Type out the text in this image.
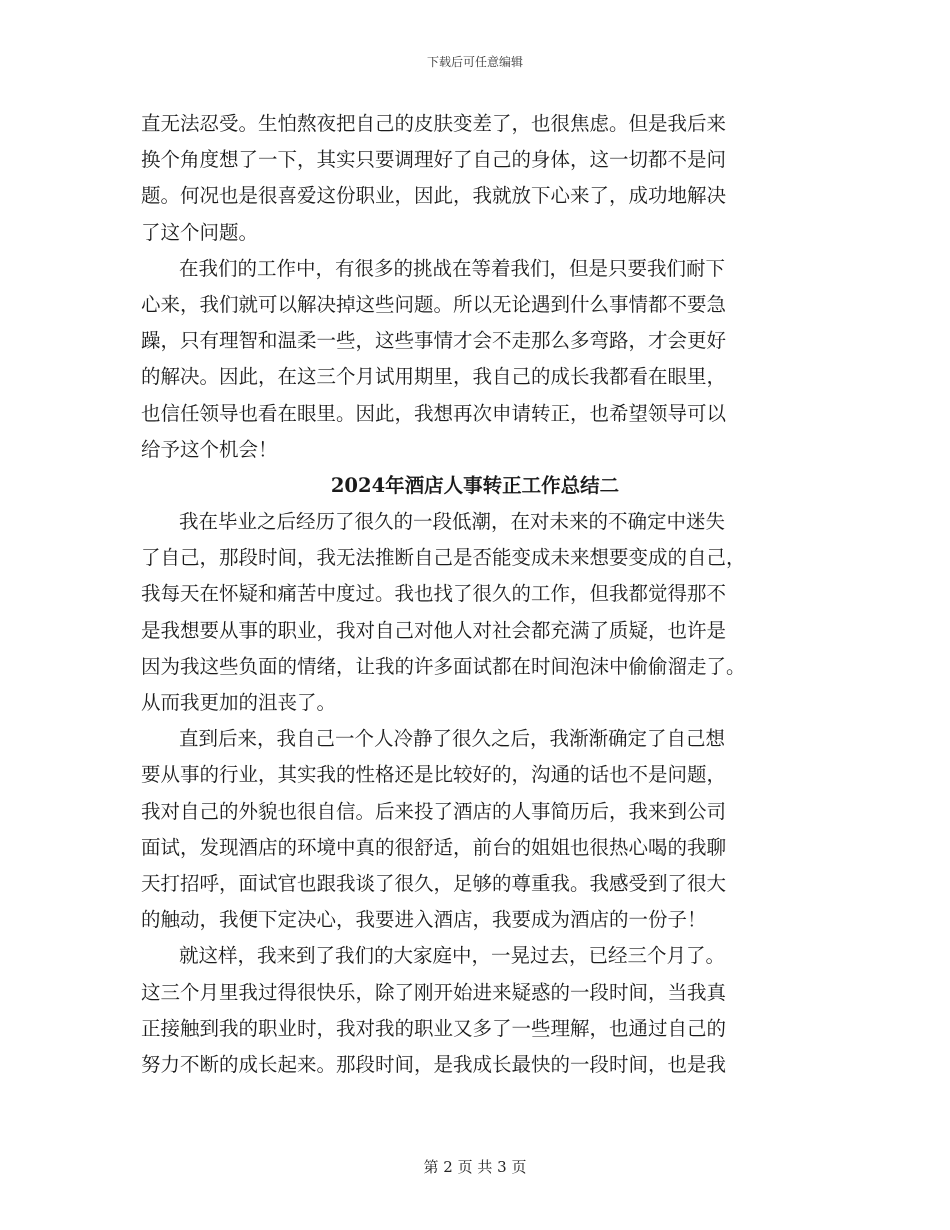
下载后可任意编辑
直无法忍受。生怕熬夜把自己的皮肤变差了，也很焦虑。但是我后来
换个角度想了一下，其实只要调理好了自己的身体，这一切都不是问
题。何况也是很喜爱这份职业，因此，我就放下心来了，成功地解决
了这个问题。
在我们的工作中，有很多的挑战在等着我们，但是只要我们耐下
心来，我们就可以解决掉这些问题。所以无论遇到什么事情都不要急
躁，只有理智和温柔一些，这些事情才会不走那么多弯路，才会更好
的解决。因此，在这三个月试用期里，我自己的成长我都看在眼里，
也信任领导也看在眼里。因此，我想再次申请转正，也希望领导可以
给予这个机会！
2024年酒店人事转正工作总结二
我在毕业之后经历了很久的一段低潮，在对未来的不确定中迷失
了自己，那段时间，我无法推断自己是否能变成未来想要变成的自己，
我每天在怀疑和痛苦中度过。我也找了很久的工作，但我都觉得那不
是我想要从事的职业，我对自己对他人对社会都充满了质疑，也许是
因为我这些负面的情绪，让我的许多面试都在时间泡沫中偷偷溜走了。
从而我更加的沮丧了。
直到后来，我自己一个人冷静了很久之后，我渐渐确定了自己想
要从事的行业，其实我的性格还是比较好的，沟通的话也不是问题，
我对自己的外貌也很自信。后来投了酒店的人事简历后，我来到公司
面试，发现酒店的环境中真的很舒适，前台的姐姐也很热心喝的我聊
天打招呼，面试官也跟我谈了很久，足够的尊重我。我感受到了很大
的触动，我便下定决心，我要进入酒店，我要成为酒店的一份子！
就这样，我来到了我们的大家庭中，一晃过去，已经三个月了。
这三个月里我过得很快乐，除了刚开始进来疑惑的一段时间，当我真
正接触到我的职业时，我对我的职业又多了一些理解，也通过自己的
努力不断的成长起来。那段时间，是我成长最快的一段时间，也是我
第 2 页 共 3 页
